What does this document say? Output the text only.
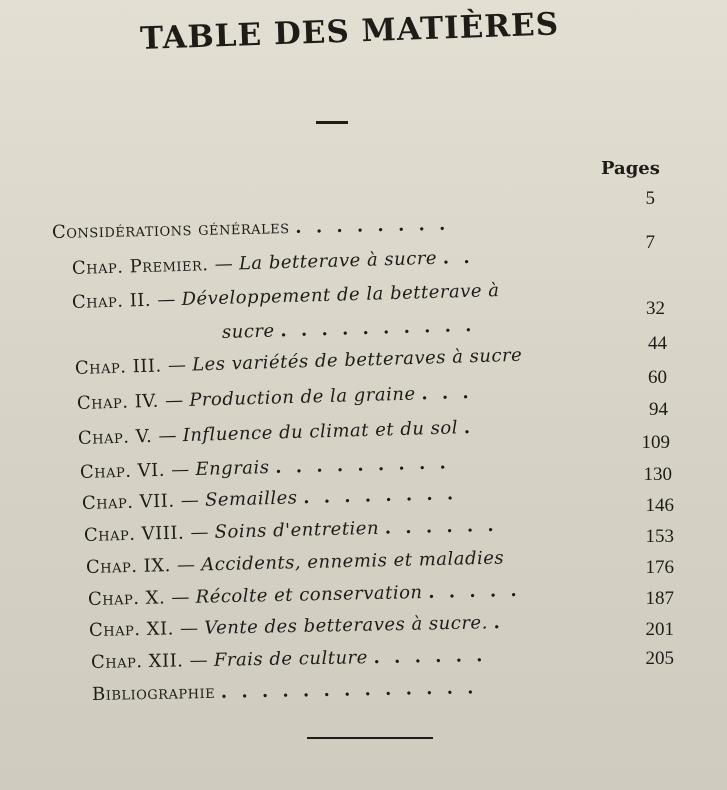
TABLE DES MATIÈRES
Pages

Considérations générales . . . . . . . .
5
Chap. Premier. — La betterave à sucre . .
7
Chap. II. — Développement de la betterave à
sucre . . . . . . . . . .
32
Chap. III. — Les variétés de betteraves à sucre
44
Chap. IV. — Production de la graine . . .
60
Chap. V. — Influence du climat et du sol .
94
Chap. VI. — Engrais . . . . . . . . .
109
Chap. VII. — Semailles . . . . . . . .
130
Chap. VIII. — Soins d'entretien . . . . . .
146
Chap. IX. — Accidents, ennemis et maladies
153
Chap. X. — Récolte et conservation . . . . .
176
Chap. XI. — Vente des betteraves à sucre. .
187
Chap. XII. — Frais de culture . . . . . .
201
Bibliographie . . . . . . . . . . . . .
205
